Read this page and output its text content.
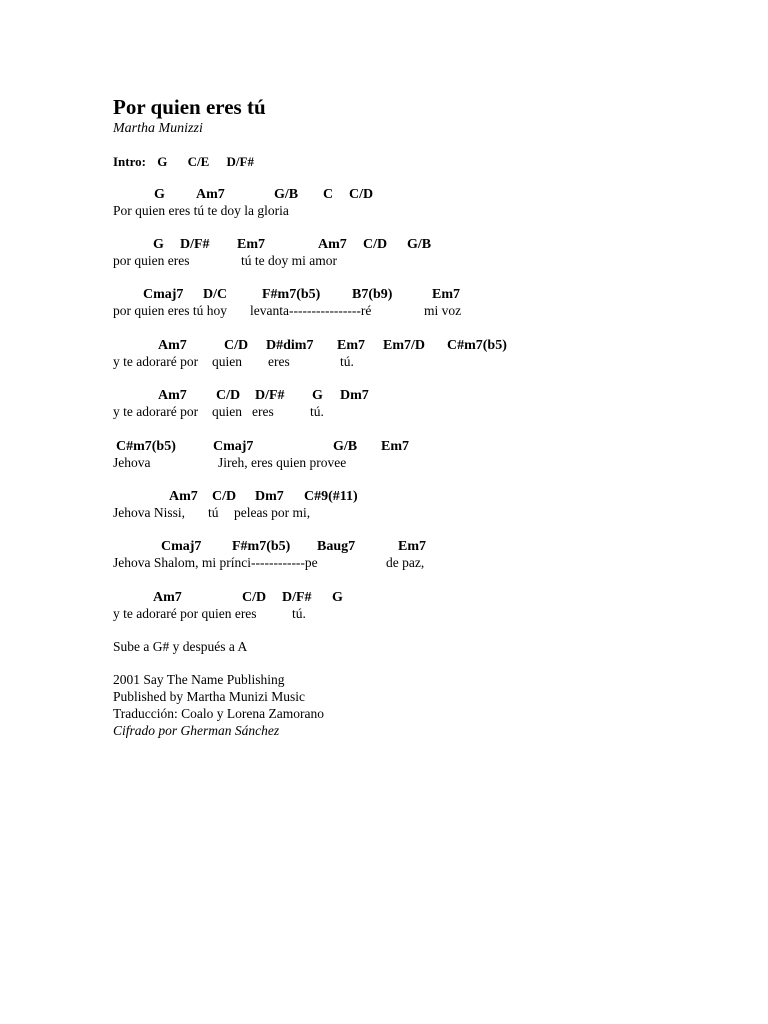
Por quien eres tú
Martha Munizzi
Intro: G C/E D/F#
G Am7	G/B C C/D
Por quien eres tú te doy la gloria
G D/F# Em7	Am7 C/D G/B
por quien eres	tú te doy mi amor
Cmaj7 D/C F#m7(b5) B7(b9)	Em7
por quien eres tú hoy levanta----------------ré	mi voz
Am7	C/D D#dim7 Em7 Em7/D C#m7(b5)
y te adoraré por quien eres	tú.
Am7 C/D D/F# G Dm7
y te adoraré por quien eres	tú.
C#m7(b5)	Cmaj7	G/B Em7
Jehova	Jireh, eres quien provee
Am7 C/D Dm7 C#9(#11)
Jehova Nissi, tú peleas por mi,
Cmaj7 F#m7(b5) Baug7	Em7
Jehova Shalom, mi prínci------------pe	de paz,
Am7	C/D D/F# G
y te adoraré por quien eres	tú.
Sube a G# y después a A
2001 Say The Name Publishing
Published by Martha Munizi Music
Traducción: Coalo y Lorena Zamorano
Cifrado por Gherman Sánchez
